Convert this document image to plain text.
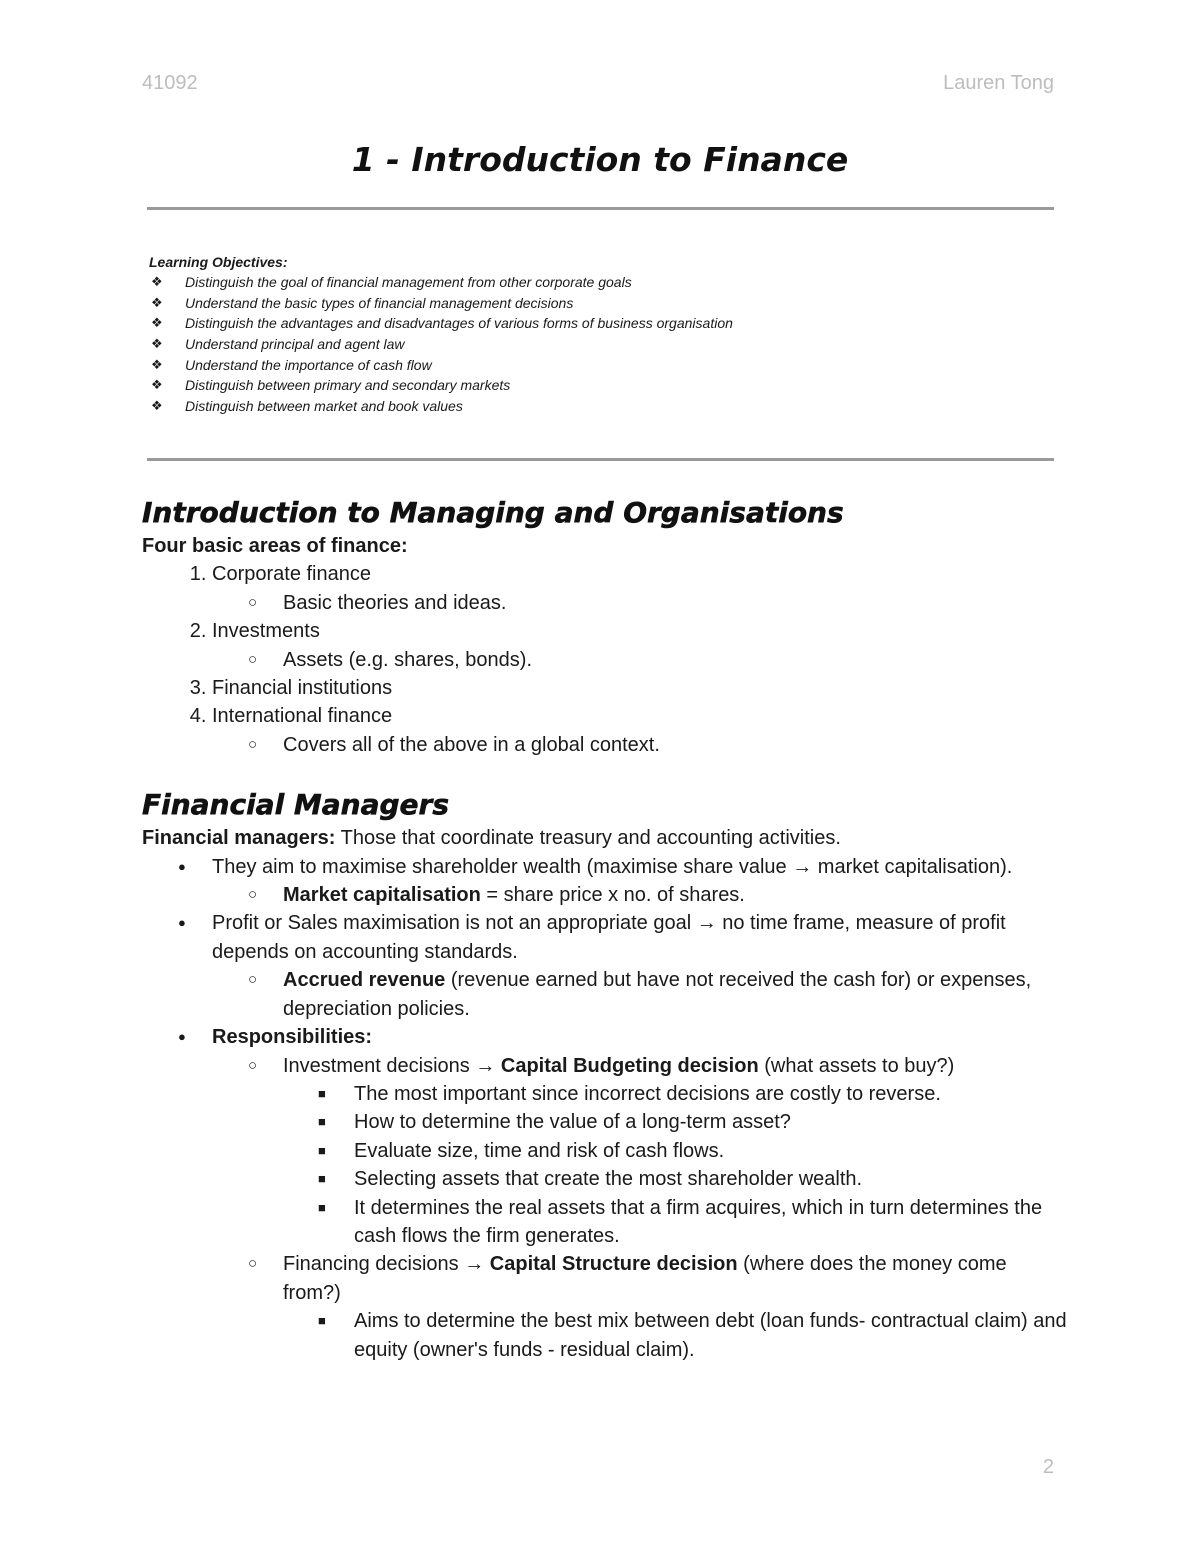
41092	Lauren Tong
1 - Introduction to Finance
Learning Objectives:
❖ Distinguish the goal of financial management from other corporate goals
❖ Understand the basic types of financial management decisions
❖ Distinguish the advantages and disadvantages of various forms of business organisation
❖ Understand principal and agent law
❖ Understand the importance of cash flow
❖ Distinguish between primary and secondary markets
❖ Distinguish between market and book values
Introduction to Managing and Organisations

Four basic areas of finance:

1. Corporate finance
○ Basic theories and ideas.
2. Investments
○ Assets (e.g. shares, bonds).
3. Financial institutions
4. International finance
○ Covers all of the above in a global context.
Financial Managers

Financial managers: Those that coordinate treasury and accounting activities.

● They aim to maximise shareholder wealth (maximise share value → market capitalisation).
○ Market capitalisation = share price x no. of shares.
● Profit or Sales maximisation is not an appropriate goal → no time frame, measure of profit depends on accounting standards.
○ Accrued revenue (revenue earned but have not received the cash for) or expenses, depreciation policies.
● Responsibilities:
○ Investment decisions → Capital Budgeting decision (what assets to buy?)
■ The most important since incorrect decisions are costly to reverse.
■ How to determine the value of a long-term asset?
■ Evaluate size, time and risk of cash flows.
■ Selecting assets that create the most shareholder wealth.
■ It determines the real assets that a firm acquires, which in turn determines the cash flows the firm generates.
○ Financing decisions → Capital Structure decision (where does the money come from?)
■ Aims to determine the best mix between debt (loan funds- contractual claim) and equity (owner's funds - residual claim).
2
